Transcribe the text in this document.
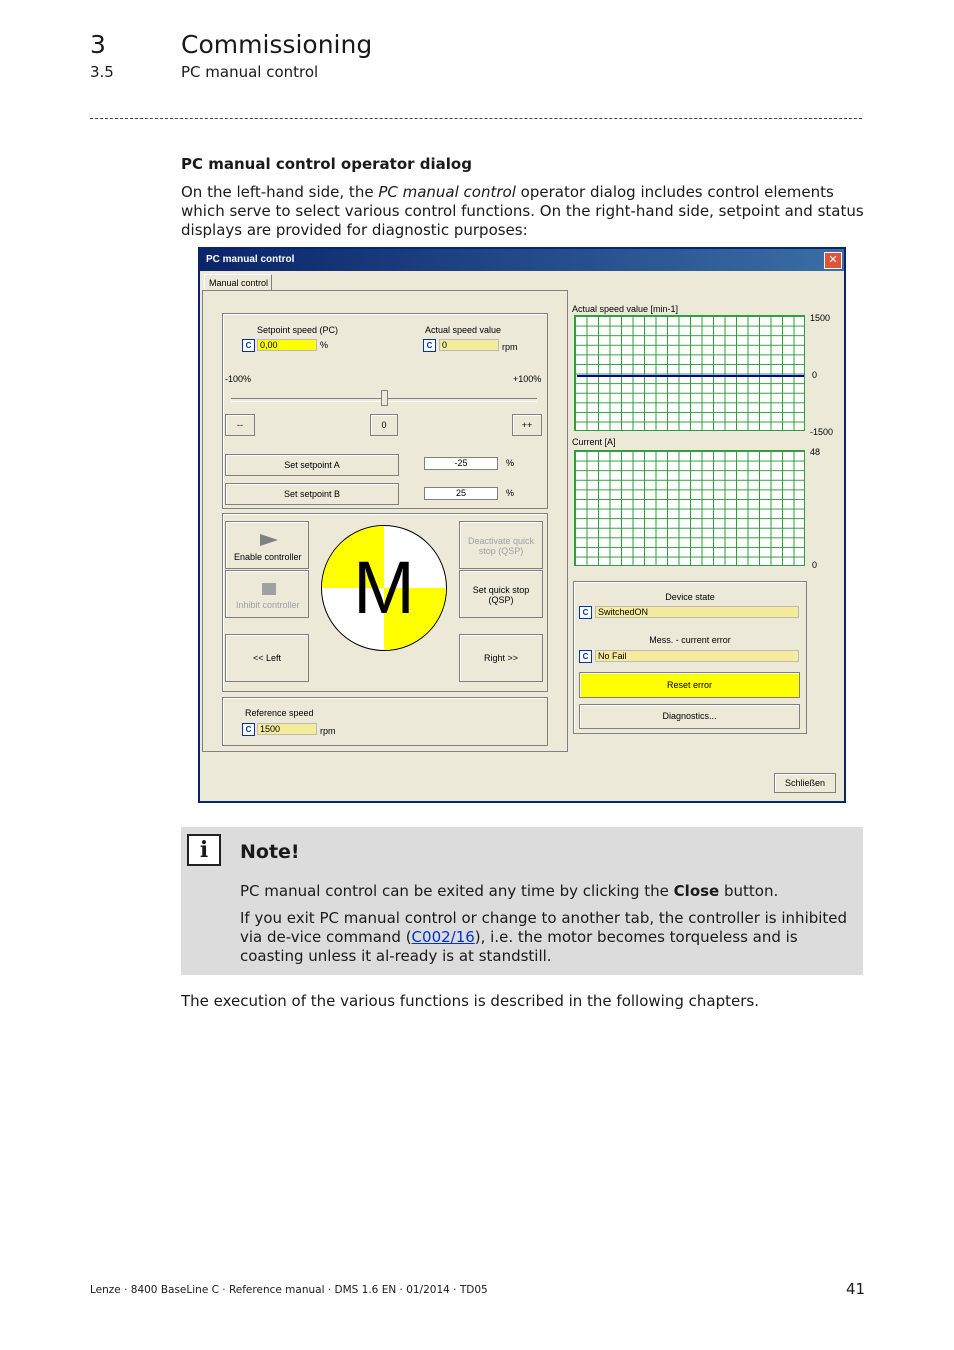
3	Commissioning
3.5	PC manual control
PC manual control operator dialog
On the left-hand side, the PC manual control operator dialog includes control elements which serve to select various control functions. On the right-hand side, setpoint and status displays are provided for diagnostic purposes:
PC manual control	✕
Manual control
Setpoint speed (PC)
C 0,00	%
Actual speed value
C	0	rpm
-100%	+100%
--	0	++
Set setpoint A	-25	%
Set setpoint B	25	%
Enable controller
Inhibit controller
Deactivate quick
stop (QSP)
Set quick stop
(QSP)
<< Left	Right >>
M
Reference speed
C 1500	rpm
Actual speed value [min-1]
1500
0
-1500
Current [A]
48
0
Device state
C	SwitchedON
Mess. - current error
C	No Fail
Reset error
Diagnostics...
Schließen
i	Note!
PC manual control can be exited any time by clicking the Close button.
If you exit PC manual control or change to another tab, the controller is inhibited via de-vice command (C002/16), i.e. the motor becomes torqueless and is coasting unless it al-ready is at standstill.
The execution of the various functions is described in the following chapters.
Lenze · 8400 BaseLine C · Reference manual · DMS 1.6 EN · 01/2014 · TD05	41
